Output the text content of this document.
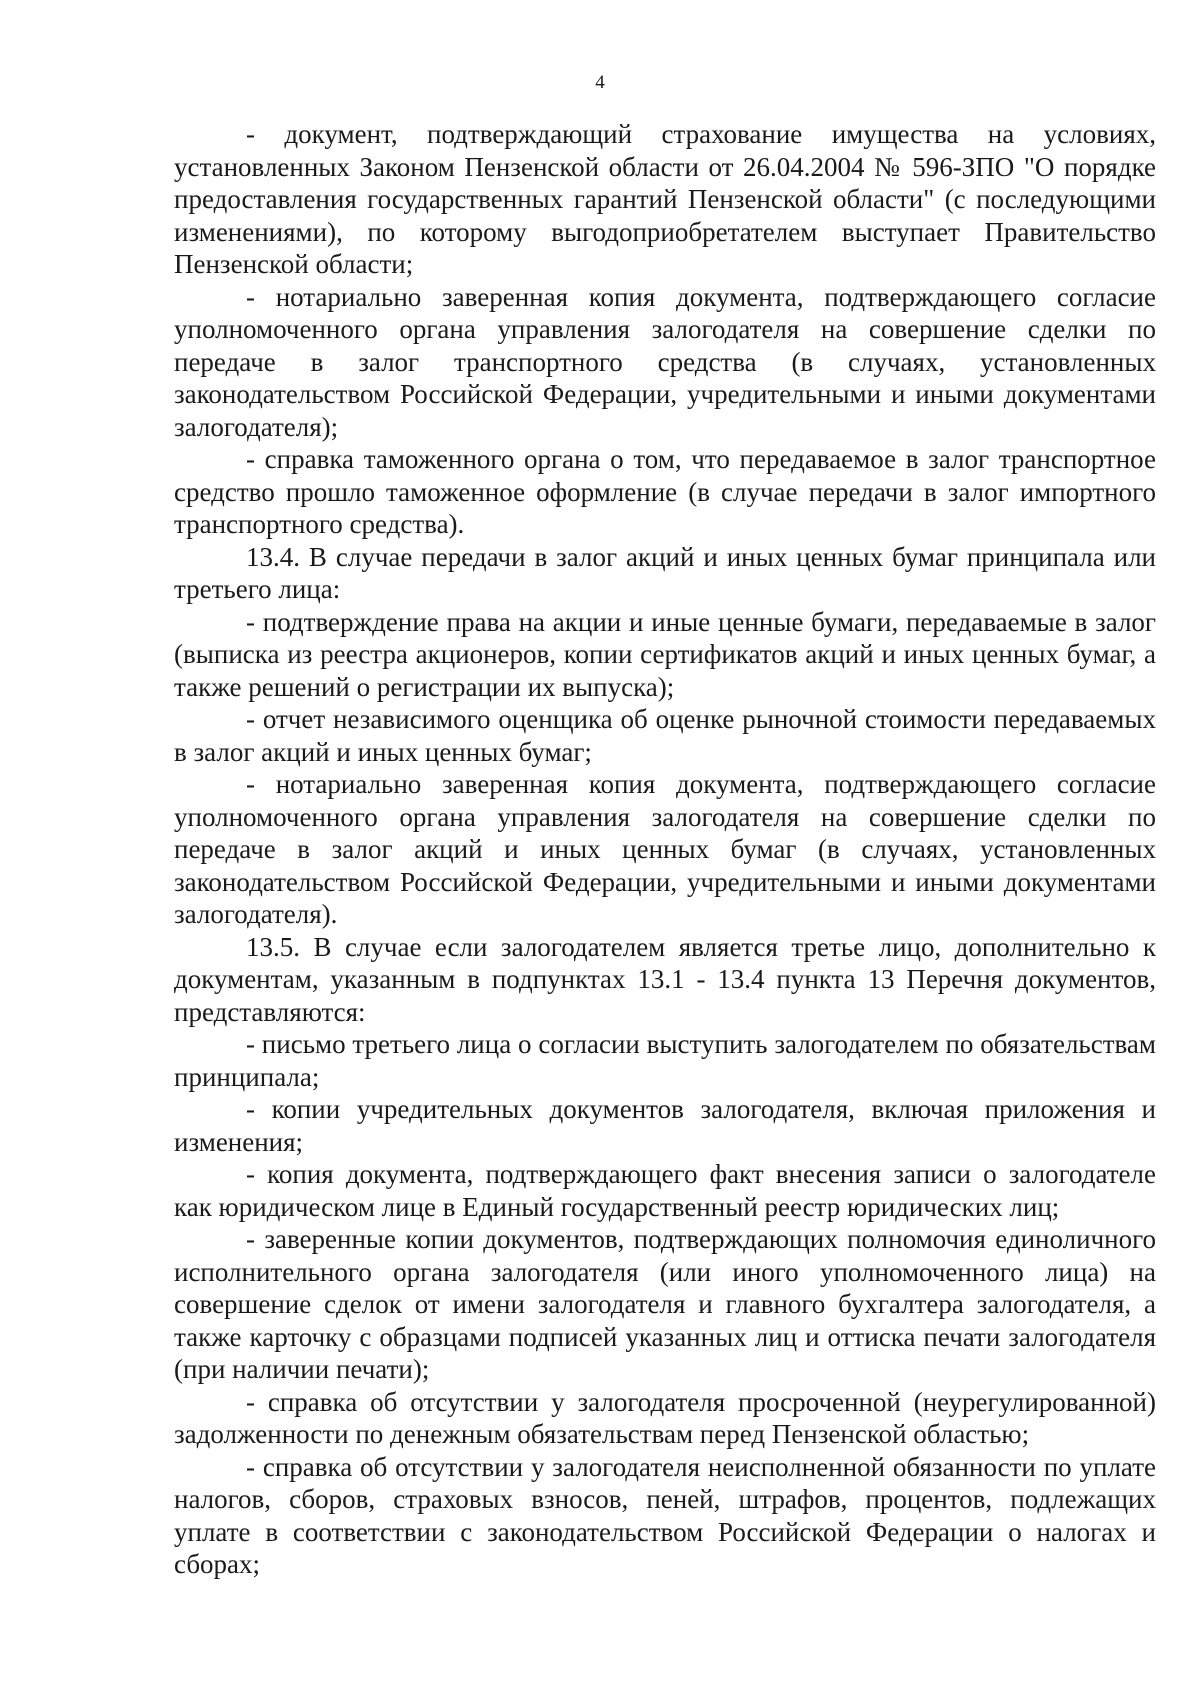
4

- документ, подтверждающий страхование имущества на условиях, установленных Законом Пензенской области от 26.04.2004 № 596-ЗПО "О порядке предоставления государственных гарантий Пензенской области" (с последующими изменениями), по которому выгодоприобретателем выступает Правительство Пензенской области;

- нотариально заверенная копия документа, подтверждающего согласие уполномоченного органа управления залогодателя на совершение сделки по передаче в залог транспортного средства (в случаях, установленных законодательством Российской Федерации, учредительными и иными документами залогодателя);

- справка таможенного органа о том, что передаваемое в залог транспортное средство прошло таможенное оформление (в случае передачи в залог импортного транспортного средства).

13.4. В случае передачи в залог акций и иных ценных бумаг принципала или третьего лица:

- подтверждение права на акции и иные ценные бумаги, передаваемые в залог (выписка из реестра акционеров, копии сертификатов акций и иных ценных бумаг, а также решений о регистрации их выпуска);

- отчет независимого оценщика об оценке рыночной стоимости передаваемых в залог акций и иных ценных бумаг;

- нотариально заверенная копия документа, подтверждающего согласие уполномоченного органа управления залогодателя на совершение сделки по передаче в залог акций и иных ценных бумаг (в случаях, установленных законодательством Российской Федерации, учредительными и иными документами залогодателя).

13.5. В случае если залогодателем является третье лицо, дополнительно к документам, указанным в подпунктах 13.1 - 13.4 пункта 13 Перечня документов, представляются:

- письмо третьего лица о согласии выступить залогодателем по обязательствам принципала;

- копии учредительных документов залогодателя, включая приложения и изменения;

- копия документа, подтверждающего факт внесения записи о залогодателе как юридическом лице в Единый государственный реестр юридических лиц;

- заверенные копии документов, подтверждающих полномочия единоличного исполнительного органа залогодателя (или иного уполномоченного лица) на совершение сделок от имени залогодателя и главного бухгалтера залогодателя, а также карточку с образцами подписей указанных лиц и оттиска печати залогодателя (при наличии печати);

- справка об отсутствии у залогодателя просроченной (неурегулированной) задолженности по денежным обязательствам перед Пензенской областью;

- справка об отсутствии у залогодателя неисполненной обязанности по уплате налогов, сборов, страховых взносов, пеней, штрафов, процентов, подлежащих уплате в соответствии с законодательством Российской Федерации о налогах и сборах;
